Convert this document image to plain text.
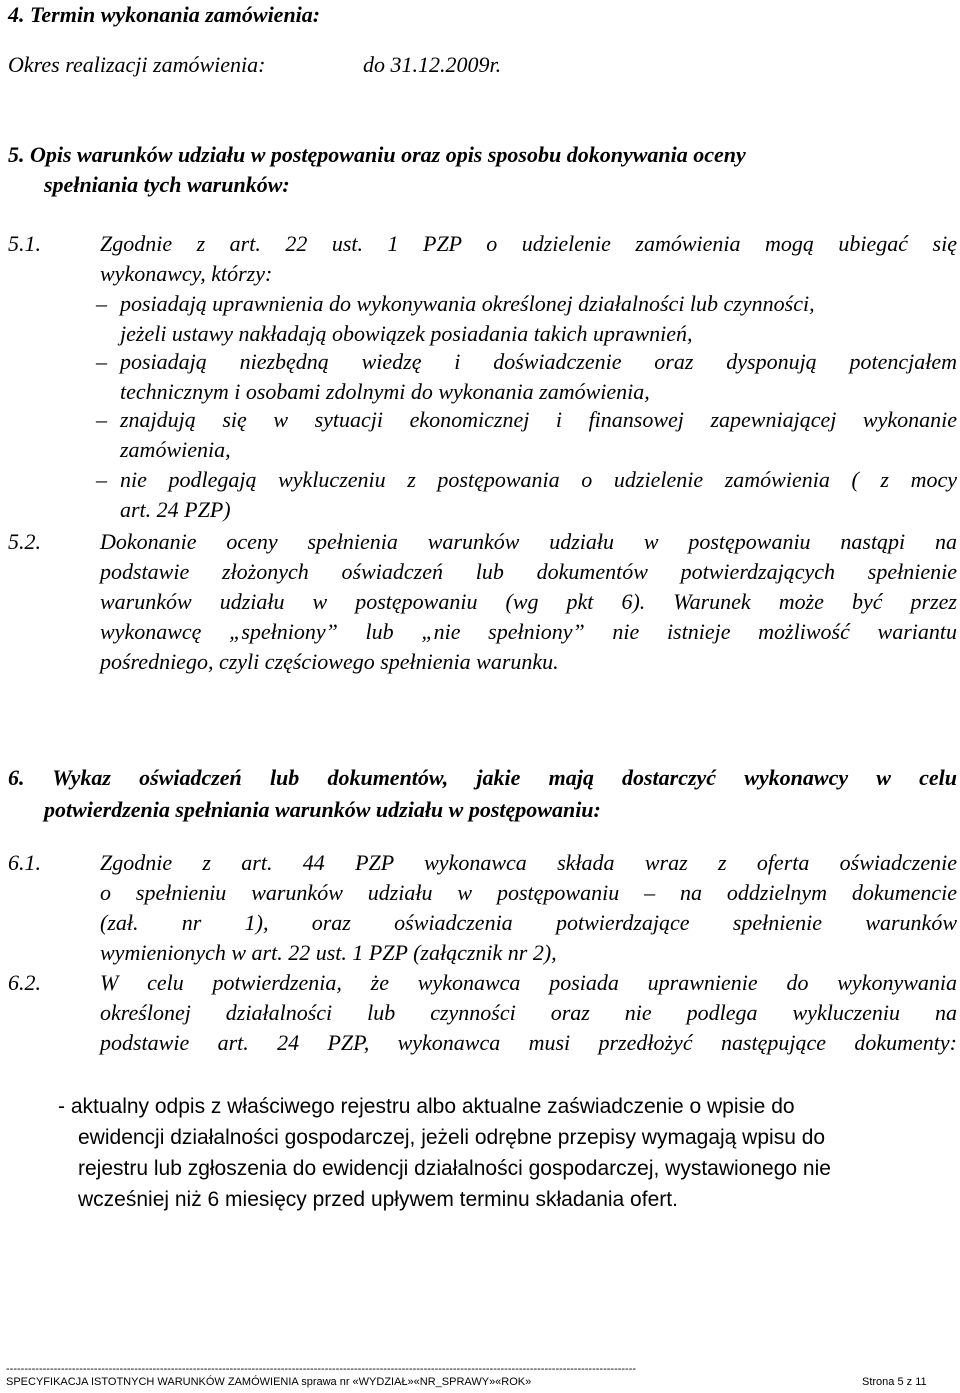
4. Termin wykonania zamówienia:
Okres realizacji zamówienia:	do 31.12.2009r.
5. Opis warunków udziału w postępowaniu oraz opis sposobu dokonywania oceny
spełniania tych warunków:
5.1.	Zgodnie z art. 22 ust. 1 PZP o udzielenie zamówienia mogą ubiegać się
wykonawcy, którzy:
– posiadają uprawnienia do wykonywania określonej działalności lub czynności,
jeżeli ustawy nakładają obowiązek posiadania takich uprawnień,
– posiadają niezbędną wiedzę i doświadczenie oraz dysponują potencjałem
technicznym i osobami zdolnymi do wykonania zamówienia,
– znajdują się w sytuacji ekonomicznej i finansowej zapewniającej wykonanie
zamówienia,
– nie podlegają wykluczeniu z postępowania o udzielenie zamówienia ( z mocy
art. 24 PZP)
5.2.	Dokonanie oceny spełnienia warunków udziału w postępowaniu nastąpi na
podstawie złożonych oświadczeń lub dokumentów potwierdzających spełnienie
warunków udziału w postępowaniu (wg pkt 6). Warunek może być przez
wykonawcę „spełniony” lub „nie spełniony” nie istnieje możliwość wariantu
pośredniego, czyli częściowego spełnienia warunku.
6. Wykaz oświadczeń lub dokumentów, jakie mają dostarczyć wykonawcy w celu
potwierdzenia spełniania warunków udziału w postępowaniu:
6.1.	Zgodnie z art. 44 PZP wykonawca składa wraz z oferta oświadczenie
o spełnieniu warunków udziału w postępowaniu – na oddzielnym dokumencie
(zał. nr 1), oraz oświadczenia potwierdzające spełnienie warunków
wymienionych w art. 22 ust. 1 PZP (załącznik nr 2),
6.2.	W celu potwierdzenia, że wykonawca posiada uprawnienie do wykonywania
określonej działalności lub czynności oraz nie podlega wykluczeniu na
podstawie art. 24 PZP, wykonawca musi przedłożyć następujące dokumenty:
- aktualny odpis z właściwego rejestru albo aktualne zaświadczenie o wpisie do
ewidencji działalności gospodarczej, jeżeli odrębne przepisy wymagają wpisu do
rejestru lub zgłoszenia do ewidencji działalności gospodarczej, wystawionego nie
wcześniej niż 6 miesięcy przed upływem terminu składania ofert.
----------------------------------------------------------------------------------------------------------------------------------------------------------------------------
SPECYFIKACJA ISTOTNYCH WARUNKÓW ZAMÓWIENIA sprawa nr «WYDZIAŁ»«NR_SPRAWY»«ROK»	Strona 5 z 11
